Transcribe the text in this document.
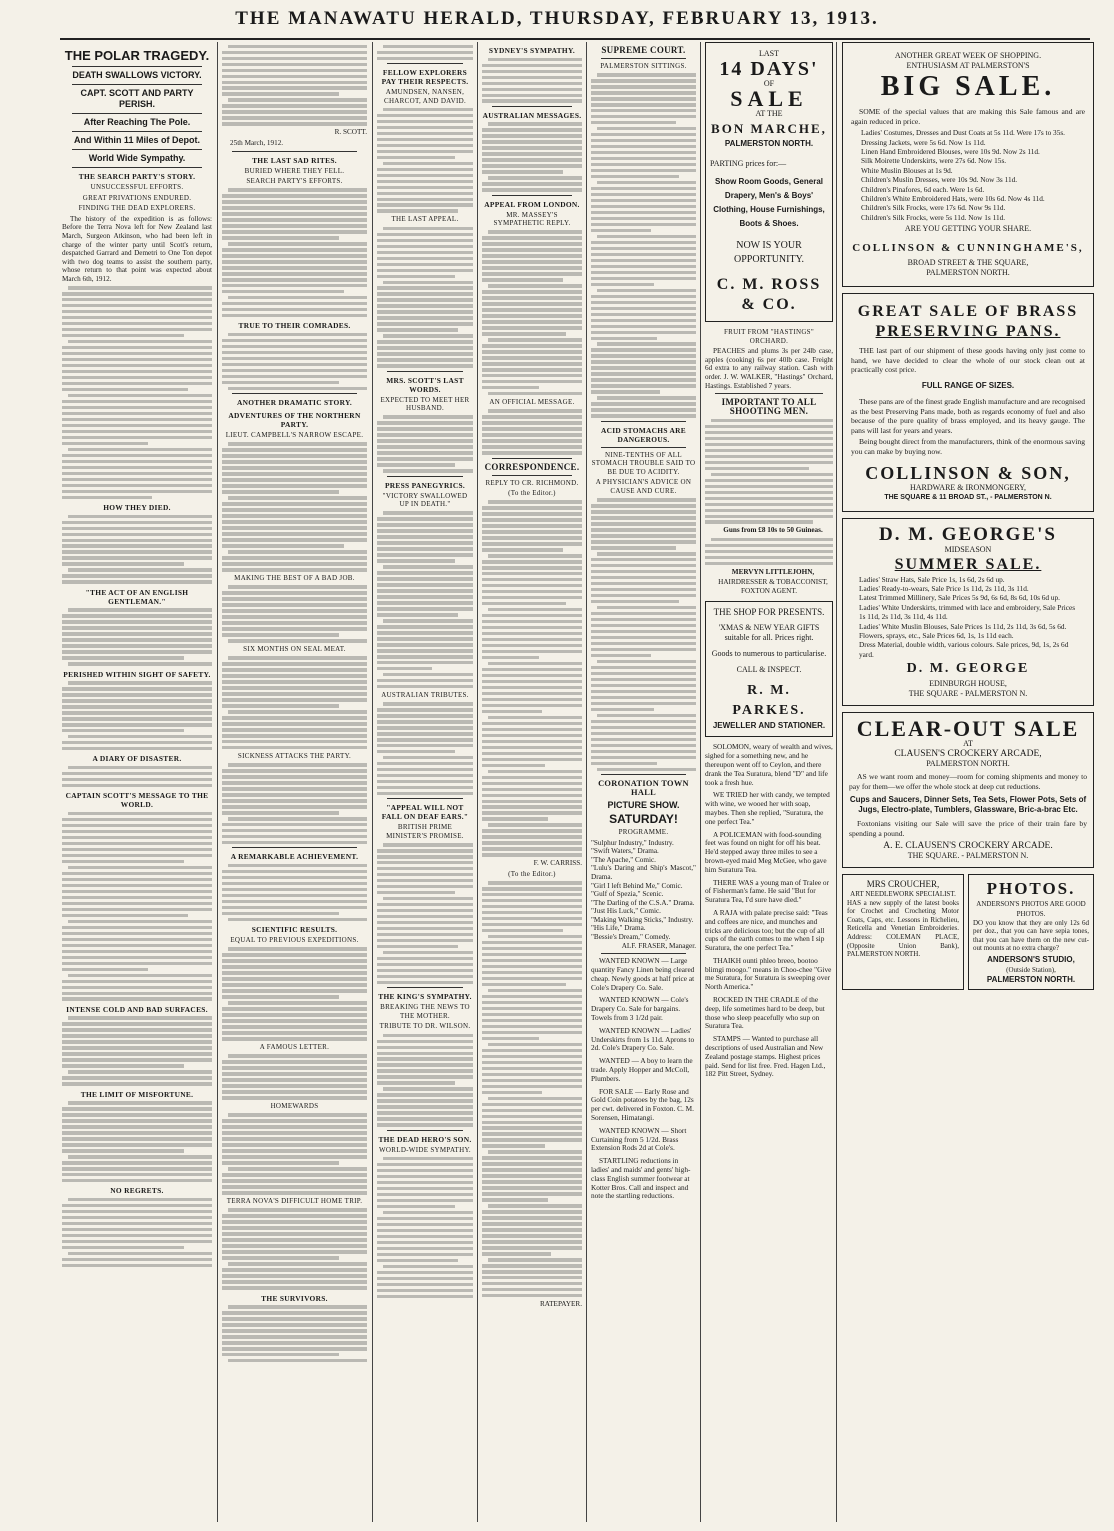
THE MANAWATU HERALD, THURSDAY, FEBRUARY 13, 1913.
THE POLAR TRAGEDY.
DEATH SWALLOWS VICTORY.
CAPT. SCOTT AND PARTY PERISH.
After Reaching The Pole.
And Within 11 Miles of Depot.
World Wide Sympathy.
THE SEARCH PARTY'S STORY.
UNSUCCESSFUL EFFORTS.
GREAT PRIVATIONS ENDURED.
FINDING THE DEAD EXPLORERS.

The history of the expedition is as follows: Before the Terra Nova left for New Zealand last March, Surgeon Atkinson, who had been left in charge of the winter party until Scott's return, despatched Garrard and Demetri to One Ton depot with two dog teams to assist the southern party, whose return to that point was expected about March 6th, 1912.

HOW THEY DIED.
"THE ACT OF AN ENGLISH GENTLEMAN."
PERISHED WITHIN SIGHT OF SAFETY.
A DIARY OF DISASTER.
CAPTAIN SCOTT'S MESSAGE TO THE WORLD.
INTENSE COLD AND BAD SURFACES.
THE LIMIT OF MISFORTUNE.
NO REGRETS.

R. SCOTT.

25th March, 1912.

THE LAST SAD RITES.
BURIED WHERE THEY FELL.
SEARCH PARTY'S EFFORTS.
TRUE TO THEIR COMRADES.
ANOTHER DRAMATIC STORY.
ADVENTURES OF THE NORTHERN PARTY.
LIEUT. CAMPBELL'S NARROW ESCAPE.
MAKING THE BEST OF A BAD JOB.
SIX MONTHS ON SEAL MEAT.
SICKNESS ATTACKS THE PARTY.
A REMARKABLE ACHIEVEMENT.
SCIENTIFIC RESULTS.
EQUAL TO PREVIOUS EXPEDITIONS.
A FAMOUS LETTER.
HOMEWARDS
TERRA NOVA'S DIFFICULT HOME TRIP.
THE SURVIVORS.
FELLOW EXPLORERS PAY THEIR RESPECTS.
AMUNDSEN, NANSEN, CHARCOT, AND DAVID.
THE LAST APPEAL.
MRS. SCOTT'S LAST WORDS.
EXPECTED TO MEET HER HUSBAND.
PRESS PANEGYRICS.
"VICTORY SWALLOWED UP IN DEATH."
AUSTRALIAN TRIBUTES.
"APPEAL WILL NOT FALL ON DEAF EARS."
BRITISH PRIME MINISTER'S PROMISE.
THE KING'S SYMPATHY.
BREAKING THE NEWS TO THE MOTHER.
TRIBUTE TO DR. WILSON.
THE DEAD HERO'S SON.
WORLD-WIDE SYMPATHY.
SYDNEY'S SYMPATHY.
AUSTRALIAN MESSAGES.
APPEAL FROM LONDON.
MR. MASSEY'S SYMPATHETIC REPLY.
AN OFFICIAL MESSAGE.
CORRESPONDENCE.
REPLY TO CR. RICHMOND.
(To the Editor.)

F. W. CARRISS.

(To the Editor.)

RATEPAYER.

SUPREME COURT.
PALMERSTON SITTINGS.
ACID STOMACHS ARE DANGEROUS.
NINE-TENTHS OF ALL STOMACH TROUBLE SAID TO BE DUE TO ACIDITY.
A PHYSICIAN'S ADVICE ON CAUSE AND CURE.
CORONATION TOWN HALL
PICTURE SHOW.
SATURDAY!
PROGRAMME.
"Sulphur Industry," Industry.
"Swift Waters," Drama.
"The Apache," Comic.
"Lulu's Daring and Ship's Mascot," Drama.
"Girl I left Behind Me," Comic.
"Gulf of Spezia," Scenic.
"The Darling of the C.S.A." Drama.
"Just His Luck," Comic.
"Making Walking Sticks," Industry.
"His Life," Drama.
"Bessie's Dream," Comedy.

ALF. FRASER, Manager.

WANTED KNOWN — Large quantity Fancy Linen being cleared cheap. Newly goods at half price at Cole's Drapery Co. Sale.

WANTED KNOWN — Cole's Drapery Co. Sale for bargains. Towels from 3 1/2d pair.

WANTED KNOWN — Ladies' Underskirts from 1s 11d. Aprons to 2d. Cole's Drapery Co. Sale.

WANTED — A boy to learn the trade. Apply Hopper and McColl, Plumbers.

FOR SALE — Early Rose and Gold Coin potatoes by the bag, 12s per cwt. delivered in Foxton. C. M. Sorensen, Himatangi.

WANTED KNOWN — Short Curtaining from 5 1/2d. Brass Extension Rods 2d at Cole's.

STARTLING reductions in ladies' and maids' and gents' high-class English summer footwear at Kotter Bros. Call and inspect and note the startling reductions.

LAST
14 DAYS'
OF
SALE
AT THE
BON MARCHE,
PALMERSTON NORTH.
PARTING prices for:—
Show Room Goods, General Drapery, Men's & Boys' Clothing, House Furnishings, Boots & Shoes.
NOW IS YOUR OPPORTUNITY.
C. M. ROSS & CO.
FRUIT FROM "HASTINGS" ORCHARD.

PEACHES and plums 3s per 24lb case, apples (cooking) 6s per 40lb case. Freight 6d extra to any railway station. Cash with order. J. W. WALKER, "Hastings" Orchard, Hastings. Established 7 years.

IMPORTANT TO ALL SHOOTING MEN.

Guns from £8 10s to 50 Guineas.

MERVYN LITTLEJOHN,

HAIRDRESSER & TOBACCONIST, FOXTON AGENT.

THE SHOP FOR PRESENTS.
'XMAS & NEW YEAR GIFTS suitable for all. Prices right.
Goods to numerous to particularise.
CALL & INSPECT.
R. M. PARKES.
JEWELLER AND STATIONER.

SOLOMON, weary of wealth and wives, sighed for a something new, and he thereupon went off to Ceylon, and there drank the Tea Suratura, blend "D" and life took a fresh hue.

WE TRIED her with candy, we tempted with wine, we wooed her with soap, maybes. Then she replied, "Suratura, the one perfect Tea."

A POLICEMAN with food-sounding feet was found on night for off his beat. He'd stepped away three miles to see a brown-eyed maid Meg McGee, who gave him Suratura Tea.

THERE WAS a young man of Tralee or of Fisherman's fame. He said "But for Suratura Tea, I'd sure have died."

A RAJA with palate precise said: "Teas and coffees are nice, and munches and tricks are delicious too; but the cup of all cups of the earth comes to me when I sip Suratura, the one perfect Tea."

THAIKH ounti phleo breeo, bootoo blimgi moogo." means in Choo-chee "Give me Suratura, for Suratura is sweeping over North America."

ROCKED IN THE CRADLE of the deep, life sometimes hard to be deep, but those who sleep peacefully who sup on Suratura Tea.

STAMPS — Wanted to purchase all descriptions of used Australian and New Zealand postage stamps. Highest prices paid. Send for list free. Fred. Hagen Ltd., 182 Pitt Street, Sydney.

ANOTHER GREAT WEEK OF SHOPPING.
ENTHUSIASM AT PALMERSTON'S
BIG SALE.

SOME of the special values that are making this Sale famous and are again reduced in price.

Ladies' Costumes, Dresses and Dust Coats at 5s 11d. Were 17s to 35s.
Dressing Jackets, were 5s 6d. Now 1s 11d.
Linen Hand Embroidered Blouses, were 10s 9d. Now 2s 11d.
Silk Moirette Underskirts, were 27s 6d. Now 15s.
White Muslin Blouses at 1s 9d.
Children's Muslin Dresses, were 10s 9d. Now 3s 11d.
Children's Pinafores, 6d each. Were 1s 6d.
Children's White Embroidered Hats, were 10s 6d. Now 4s 11d.
Children's Silk Frocks, were 17s 6d. Now 9s 11d.
Children's Silk Frocks, were 5s 11d. Now 1s 11d.
ARE YOU GETTING YOUR SHARE.
COLLINSON & CUNNINGHAME'S,
BROAD STREET & THE SQUARE,
PALMERSTON NORTH.
GREAT SALE OF BRASS
PRESERVING PANS.

THE last part of our shipment of these goods having only just come to hand, we have decided to clear the whole of our stock clean out at practically cost price.

FULL RANGE OF SIZES.

These pans are of the finest grade English manufacture and are recognised as the best Preserving Pans made, both as regards economy of fuel and also because of the pure quality of brass employed, and its heavy gauge. The pans will last for years and years.

Being bought direct from the manufacturers, think of the enormous saving you can make by buying now.

COLLINSON & SON,
HARDWARE & IRONMONGERY,
THE SQUARE & 11 BROAD ST., - PALMERSTON N.
D. M. GEORGE'S
MIDSEASON
SUMMER SALE.
Ladies' Straw Hats, Sale Price 1s, 1s 6d, 2s 6d up.
Ladies' Ready-to-wears, Sale Price 1s 11d, 2s 11d, 3s 11d.
Latest Trimmed Millinery, Sale Prices 5s 9d, 6s 6d, 8s 6d, 10s 6d up.
Ladies' White Underskirts, trimmed with lace and embroidery, Sale Prices 1s 11d, 2s 11d, 3s 11d, 4s 11d.
Ladies' White Muslin Blouses, Sale Prices 1s 11d, 2s 11d, 3s 6d, 5s 6d.
Flowers, sprays, etc., Sale Prices 6d, 1s, 1s 11d each.
Dress Material, double width, various colours. Sale prices, 9d, 1s, 2s 6d yard.
D. M. GEORGE
EDINBURGH HOUSE,
THE SQUARE - PALMERSTON N.
CLEAR-OUT SALE
AT
CLAUSEN'S CROCKERY ARCADE,
PALMERSTON NORTH.

AS we want room and money—room for coming shipments and money to pay for them—we offer the whole stock at deep cut reductions.

Cups and Saucers, Dinner Sets, Tea Sets, Flower Pots, Sets of Jugs, Electro-plate, Tumblers, Glassware, Bric-a-brac Etc.

Foxtonians visiting our Sale will save the price of their train fare by spending a pound.

A. E. CLAUSEN'S CROCKERY ARCADE.
THE SQUARE. - PALMERSTON N.
MRS CROUCHER,
ART NEEDLEWORK SPECIALIST.

HAS a new supply of the latest books for Crochet and Crocheting Motor Coats, Caps, etc. Lessons in Richelieu, Reticella and Venetian Embroideries. Address: COLEMAN PLACE, (Opposite Union Bank), PALMERSTON NORTH.

PHOTOS.
ANDERSON'S PHOTOS ARE GOOD PHOTOS.

DO you know that they are only 12s 6d per doz., that you can have sepia tones, that you can have them on the new cut-out mounts at no extra charge?

ANDERSON'S STUDIO,
(Outside Station),
PALMERSTON NORTH.
